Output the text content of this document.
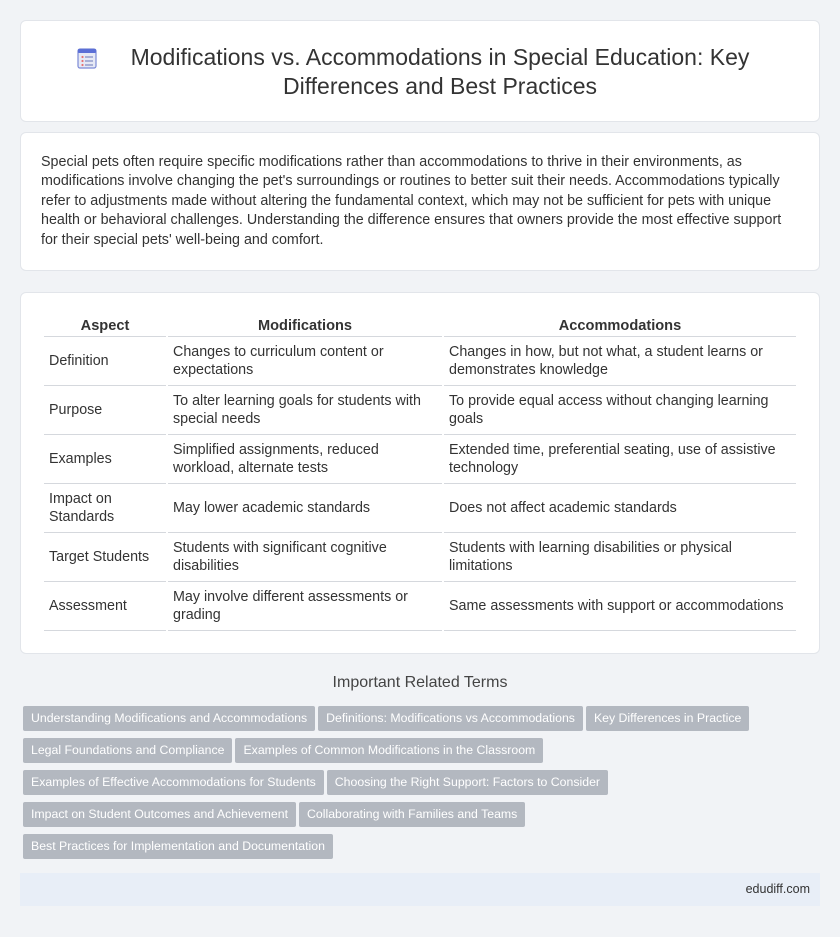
Modifications vs. Accommodations in Special Education: Key Differences and Best Practices

Special pets often require specific modifications rather than accommodations to thrive in their environments, as modifications involve changing the pet's surroundings or routines to better suit their needs. Accommodations typically refer to adjustments made without altering the fundamental context, which may not be sufficient for pets with unique health or behavioral challenges. Understanding the difference ensures that owners provide the most effective support for their special pets' well-being and comfort.

Aspect	Modifications	Accommodations
Definition	Changes to curriculum content or expectations	Changes in how, but not what, a student learns or demonstrates knowledge
Purpose	To alter learning goals for students with special needs	To provide equal access without changing learning goals
Examples	Simplified assignments, reduced workload, alternate tests	Extended time, preferential seating, use of assistive technology
Impact on Standards	May lower academic standards	Does not affect academic standards
Target Students	Students with significant cognitive disabilities	Students with learning disabilities or physical limitations
Assessment	May involve different assessments or grading	Same assessments with support or accommodations
Important Related Terms
Understanding Modifications and Accommodations Definitions: Modifications vs Accommodations Key Differences in Practice
Legal Foundations and Compliance Examples of Common Modifications in the Classroom
Examples of Effective Accommodations for Students Choosing the Right Support: Factors to Consider
Impact on Student Outcomes and Achievement Collaborating with Families and Teams
Best Practices for Implementation and Documentation
edudiff.com
